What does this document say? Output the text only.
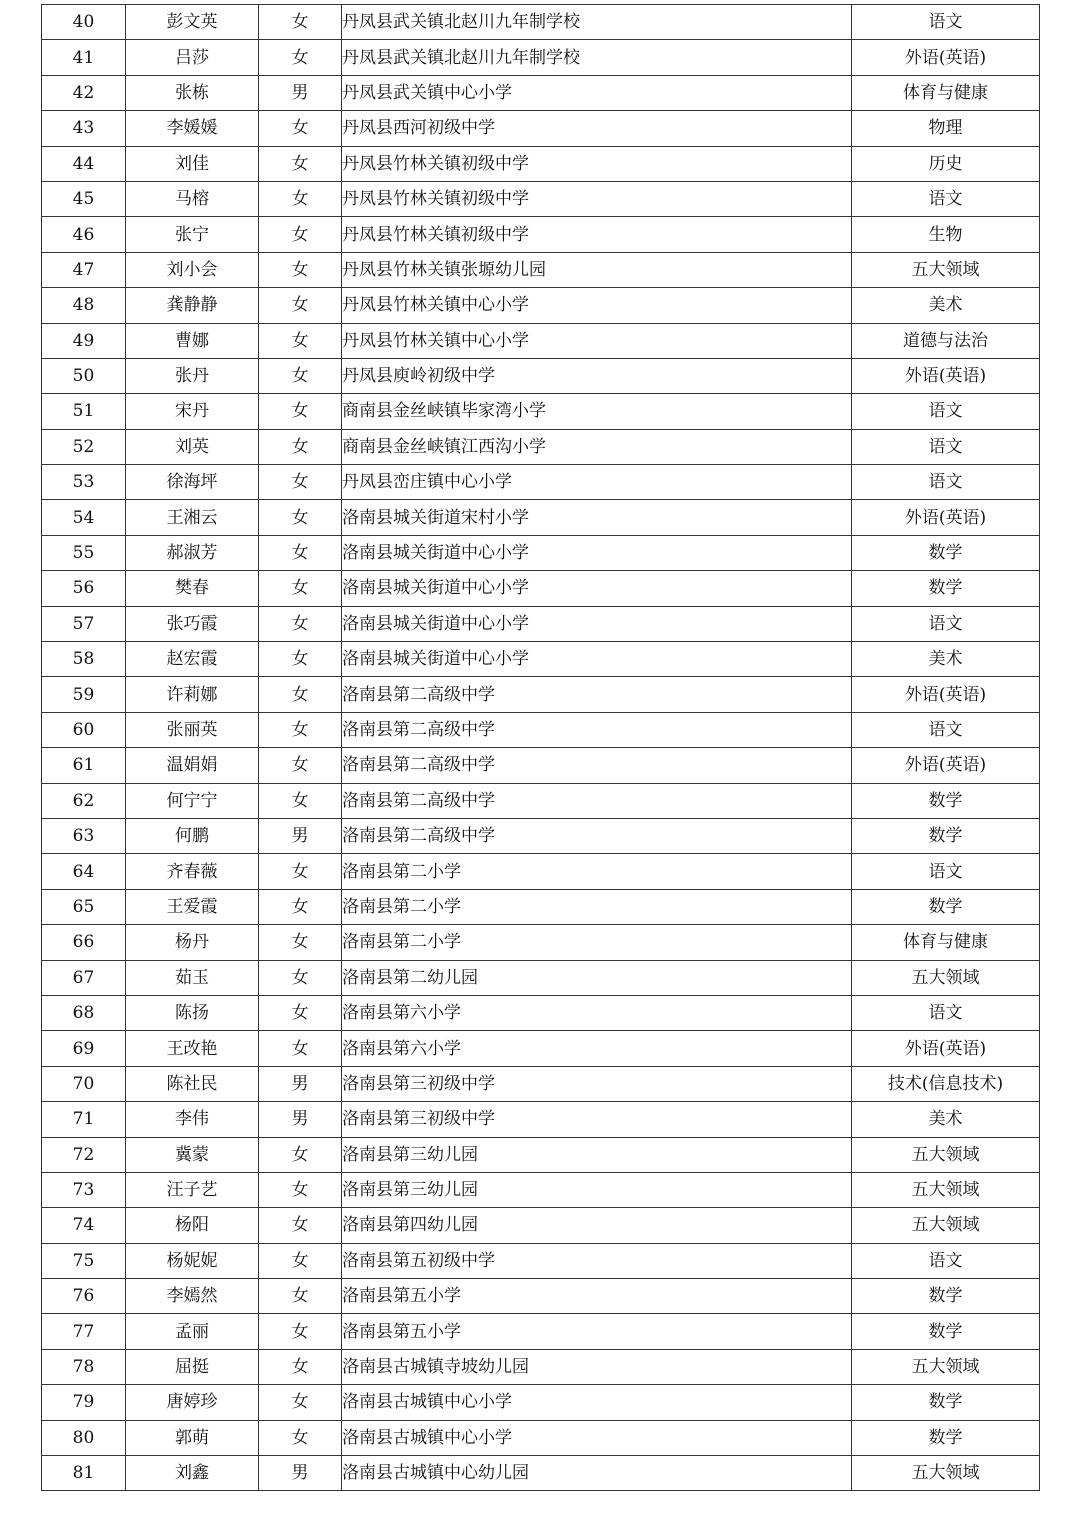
40	彭文英	女	丹凤县武关镇北赵川九年制学校	语文
41	吕莎	女	丹凤县武关镇北赵川九年制学校	外语(英语)
42	张栋	男	丹凤县武关镇中心小学	体育与健康
43	李媛媛	女	丹凤县西河初级中学	物理
44	刘佳	女	丹凤县竹林关镇初级中学	历史
45	马榕	女	丹凤县竹林关镇初级中学	语文
46	张宁	女	丹凤县竹林关镇初级中学	生物
47	刘小会	女	丹凤县竹林关镇张塬幼儿园	五大领域
48	龚静静	女	丹凤县竹林关镇中心小学	美术
49	曹娜	女	丹凤县竹林关镇中心小学	道德与法治
50	张丹	女	丹凤县庾岭初级中学	外语(英语)
51	宋丹	女	商南县金丝峡镇毕家湾小学	语文
52	刘英	女	商南县金丝峡镇江西沟小学	语文
53	徐海坪	女	丹凤县峦庄镇中心小学	语文
54	王湘云	女	洛南县城关街道宋村小学	外语(英语)
55	郝淑芳	女	洛南县城关街道中心小学	数学
56	樊春	女	洛南县城关街道中心小学	数学
57	张巧霞	女	洛南县城关街道中心小学	语文
58	赵宏霞	女	洛南县城关街道中心小学	美术
59	许莉娜	女	洛南县第二高级中学	外语(英语)
60	张丽英	女	洛南县第二高级中学	语文
61	温娟娟	女	洛南县第二高级中学	外语(英语)
62	何宁宁	女	洛南县第二高级中学	数学
63	何鹏	男	洛南县第二高级中学	数学
64	齐春薇	女	洛南县第二小学	语文
65	王爱霞	女	洛南县第二小学	数学
66	杨丹	女	洛南县第二小学	体育与健康
67	茹玉	女	洛南县第二幼儿园	五大领域
68	陈扬	女	洛南县第六小学	语文
69	王改艳	女	洛南县第六小学	外语(英语)
70	陈社民	男	洛南县第三初级中学	技术(信息技术)
71	李伟	男	洛南县第三初级中学	美术
72	冀蒙	女	洛南县第三幼儿园	五大领域
73	汪子艺	女	洛南县第三幼儿园	五大领域
74	杨阳	女	洛南县第四幼儿园	五大领域
75	杨妮妮	女	洛南县第五初级中学	语文
76	李嫣然	女	洛南县第五小学	数学
77	孟丽	女	洛南县第五小学	数学
78	屈挺	女	洛南县古城镇寺坡幼儿园	五大领域
79	唐婷珍	女	洛南县古城镇中心小学	数学
80	郭萌	女	洛南县古城镇中心小学	数学
81	刘鑫	男	洛南县古城镇中心幼儿园	五大领域
